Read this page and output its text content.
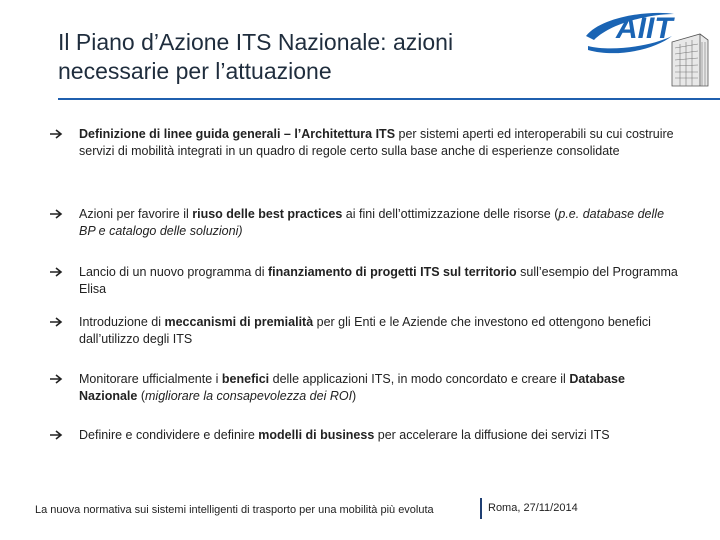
Il Piano d’Azione ITS Nazionale: azioni
necessarie per l’attuazione
AIIT
Definizione di linee guida generali – l’Architettura ITS per sistemi aperti ed interoperabili su cui costruire servizi di mobilità integrati in un quadro di regole certo sulla base anche di esperienze consolidate
Azioni per favorire il riuso delle best practices ai fini dell’ottimizzazione delle risorse (p.e. database delle BP e catalogo delle soluzioni)
Lancio di un nuovo programma di finanziamento di progetti ITS sul territorio sull’esempio del Programma Elisa
Introduzione di meccanismi di premialità per gli Enti e le Aziende che investono ed ottengono benefici dall’utilizzo degli ITS
Monitorare ufficialmente i benefici delle applicazioni ITS, in modo concordato e creare il Database Nazionale (migliorare la consapevolezza dei ROI)
Definire e condividere e definire modelli di business per accelerare la diffusione dei servizi ITS
La nuova normativa sui sistemi intelligenti di trasporto per una mobilità più evoluta	Roma, 27/11/2014
